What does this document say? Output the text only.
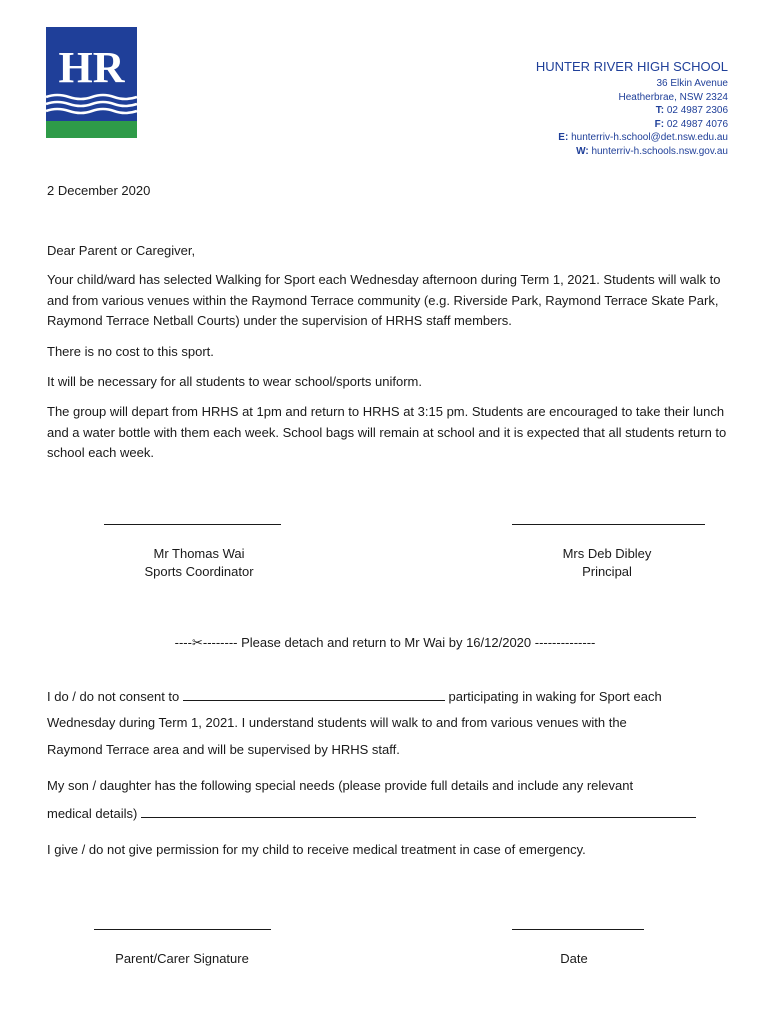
HR	HUNTER RIVER HIGH SCHOOL
36 Elkin Avenue
Heatherbrae, NSW 2324
T: 02 4987 2306
F: 02 4987 4076
E: hunterriv-h.school@det.nsw.edu.au
W: hunterriv-h.schools.nsw.gov.au

2 December 2020

Dear Parent or Caregiver,

Your child/ward has selected Walking for Sport each Wednesday afternoon during Term 1, 2021. Students will walk to and from various venues within the Raymond Terrace community (e.g. Riverside Park, Raymond Terrace Skate Park, Raymond Terrace Netball Courts) under the supervision of HRHS staff members.

There is no cost to this sport.

It will be necessary for all students to wear school/sports uniform.

The group will depart from HRHS at 1pm and return to HRHS at 3:15 pm. Students are encouraged to take their lunch and a water bottle with them each week. School bags will remain at school and it is expected that all students return to school each week.

Mr Thomas Wai
Sports Coordinator
Mrs Deb Dibley
Principal
----✂-------- Please detach and return to Mr Wai by 16/12/2020 --------------
I do / do not consent to	participating in waking for Sport each
Wednesday during Term 1, 2021. I understand students will walk to and from various venues with the
Raymond Terrace area and will be supervised by HRHS staff.
My son / daughter has the following special needs (please provide full details and include any relevant
medical details)
I give / do not give permission for my child to receive medical treatment in case of emergency.
Parent/Carer Signature	Date
